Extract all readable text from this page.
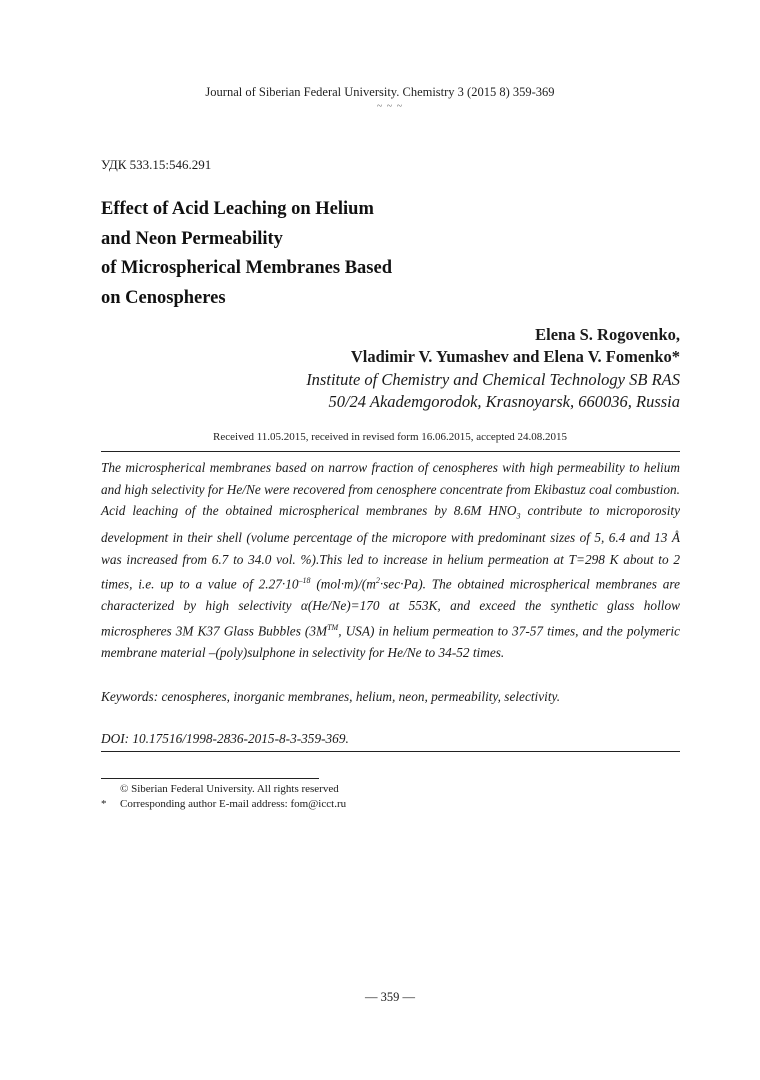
Journal of Siberian Federal University. Chemistry 3 (2015 8) 359-369
~ ~ ~
УДК 533.15:546.291
Effect of Acid Leaching on Helium
and Neon Permeability
of Microspherical Membranes Based
on Cenospheres
Elena S. Rogovenko,
Vladimir V. Yumashev and Elena V. Fomenko*
Institute of Chemistry and Chemical Technology SB RAS
50/24 Akademgorodok, Krasnoyarsk, 660036, Russia
Received 11.05.2015, received in revised form 16.06.2015, accepted 24.08.2015
The microspherical membranes based on narrow fraction of cenospheres with high permeability to helium and high selectivity for He/Ne were recovered from cenosphere concentrate from Ekibastuz coal combustion. Acid leaching of the obtained microspherical membranes by 8.6M $HNO_3$ contribute to microporosity development in their shell (volume percentage of the micropore with predominant sizes of 5, 6.4 and 13 Å was increased from 6.7 to 34.0 vol. %).This led to increase in helium permeation at T=298 K about to 2 times, i.e. up to a value of $2.27\cdot 10^{-18}$ $(mol\cdot m)/(m^2\cdot\sec\cdot Pa)$. The obtained microspherical membranes are characterized by high selectivity α(He/Ne)=170 at 553K, and exceed the synthetic glass hollow microspheres 3M K37 Glass Bubbles (3M™, USA) in helium permeation to 37-57 times, and the polymeric membrane material –(poly)sulphone in selectivity for He/Ne to 34-52 times.
Keywords: cenospheres, inorganic membranes, helium, neon, permeability, selectivity.
DOI: 10.17516/1998-2836-2015-8-3-359-369.
© Siberian Federal University. All rights reserved
*	Corresponding author E-mail address: fom@icct.ru
— 359 —
